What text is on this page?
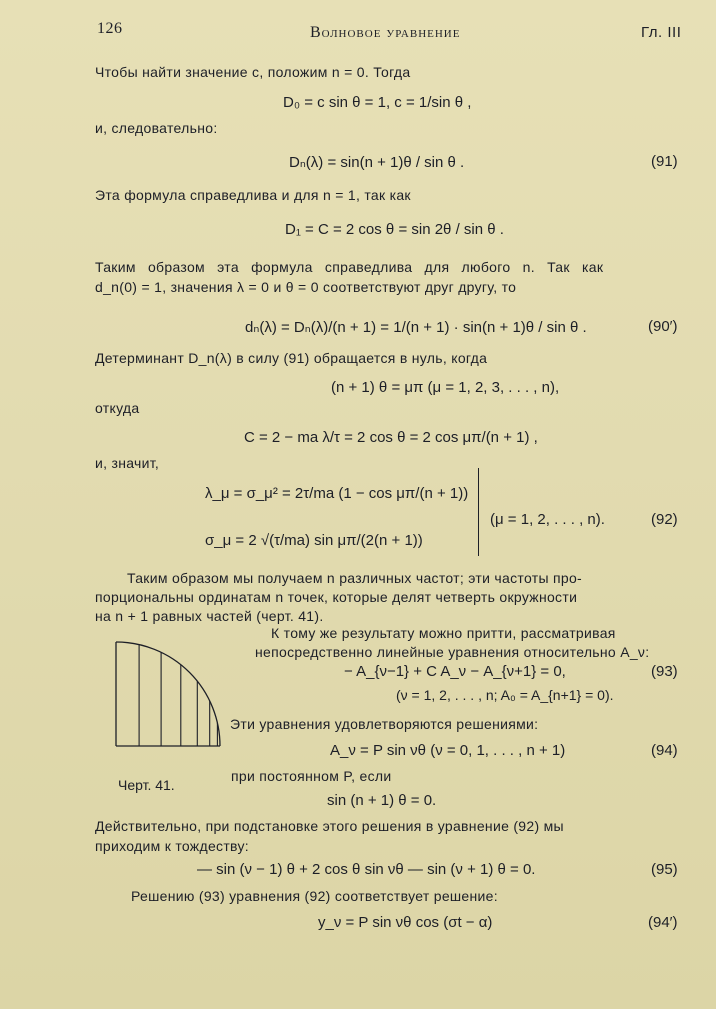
126	Волновое уравнение	Гл. III
Чтобы найти значение c, положим n = 0. Тогда
D₀ = c sin θ = 1, c = 1/sin θ ,
и, следовательно:
Dₙ(λ) = sin(n + 1)θ / sin θ .	(91)
Эта формула справедлива и для n = 1, так как
D₁ = C = 2 cos θ = sin 2θ / sin θ .
Таким образом эта формула справедлива для любого n. Так как
d_n(0) = 1, значения λ = 0 и θ = 0 соответствуют друг другу, то
dₙ(λ) = Dₙ(λ)/(n + 1) = 1/(n + 1) · sin(n + 1)θ / sin θ .	(90′)
Детерминант D_n(λ) в силу (91) обращается в нуль, когда
(n + 1) θ = μπ (μ = 1, 2, 3, . . . , n),
откуда
C = 2 − ma λ/τ = 2 cos θ = 2 cos μπ/(n + 1) ,
и, значит,
λ_μ = σ_μ² = 2τ/ma (1 − cos μπ/(n + 1))
σ_μ = 2 √(τ/ma) sin μπ/(2(n + 1))
(μ = 1, 2, . . . , n).	(92)
Таким образом мы получаем n различных частот; эти частоты про-
порциональны ординатам n точек, которые делят четверть окружности
на n + 1 равных частей (черт. 41).
Черт. 41.
К тому же результату можно притти, рассматривая
непосредственно линейные уравнения относительно A_ν:
− A_{ν−1} + C A_ν − A_{ν+1} = 0,	(93)
(ν = 1, 2, . . . , n; A₀ = A_{n+1} = 0).
Эти уравнения удовлетворяются решениями:
A_ν = P sin νθ (ν = 0, 1, . . . , n + 1)	(94)
при постоянном P, если
sin (n + 1) θ = 0.
Действительно, при подстановке этого решения в уравнение (92) мы
приходим к тождеству:
— sin (ν − 1) θ + 2 cos θ sin νθ — sin (ν + 1) θ = 0.	(95)
Решению (93) уравнения (92) соответствует решение:
y_ν = P sin νθ cos (σt − α)	(94′)
